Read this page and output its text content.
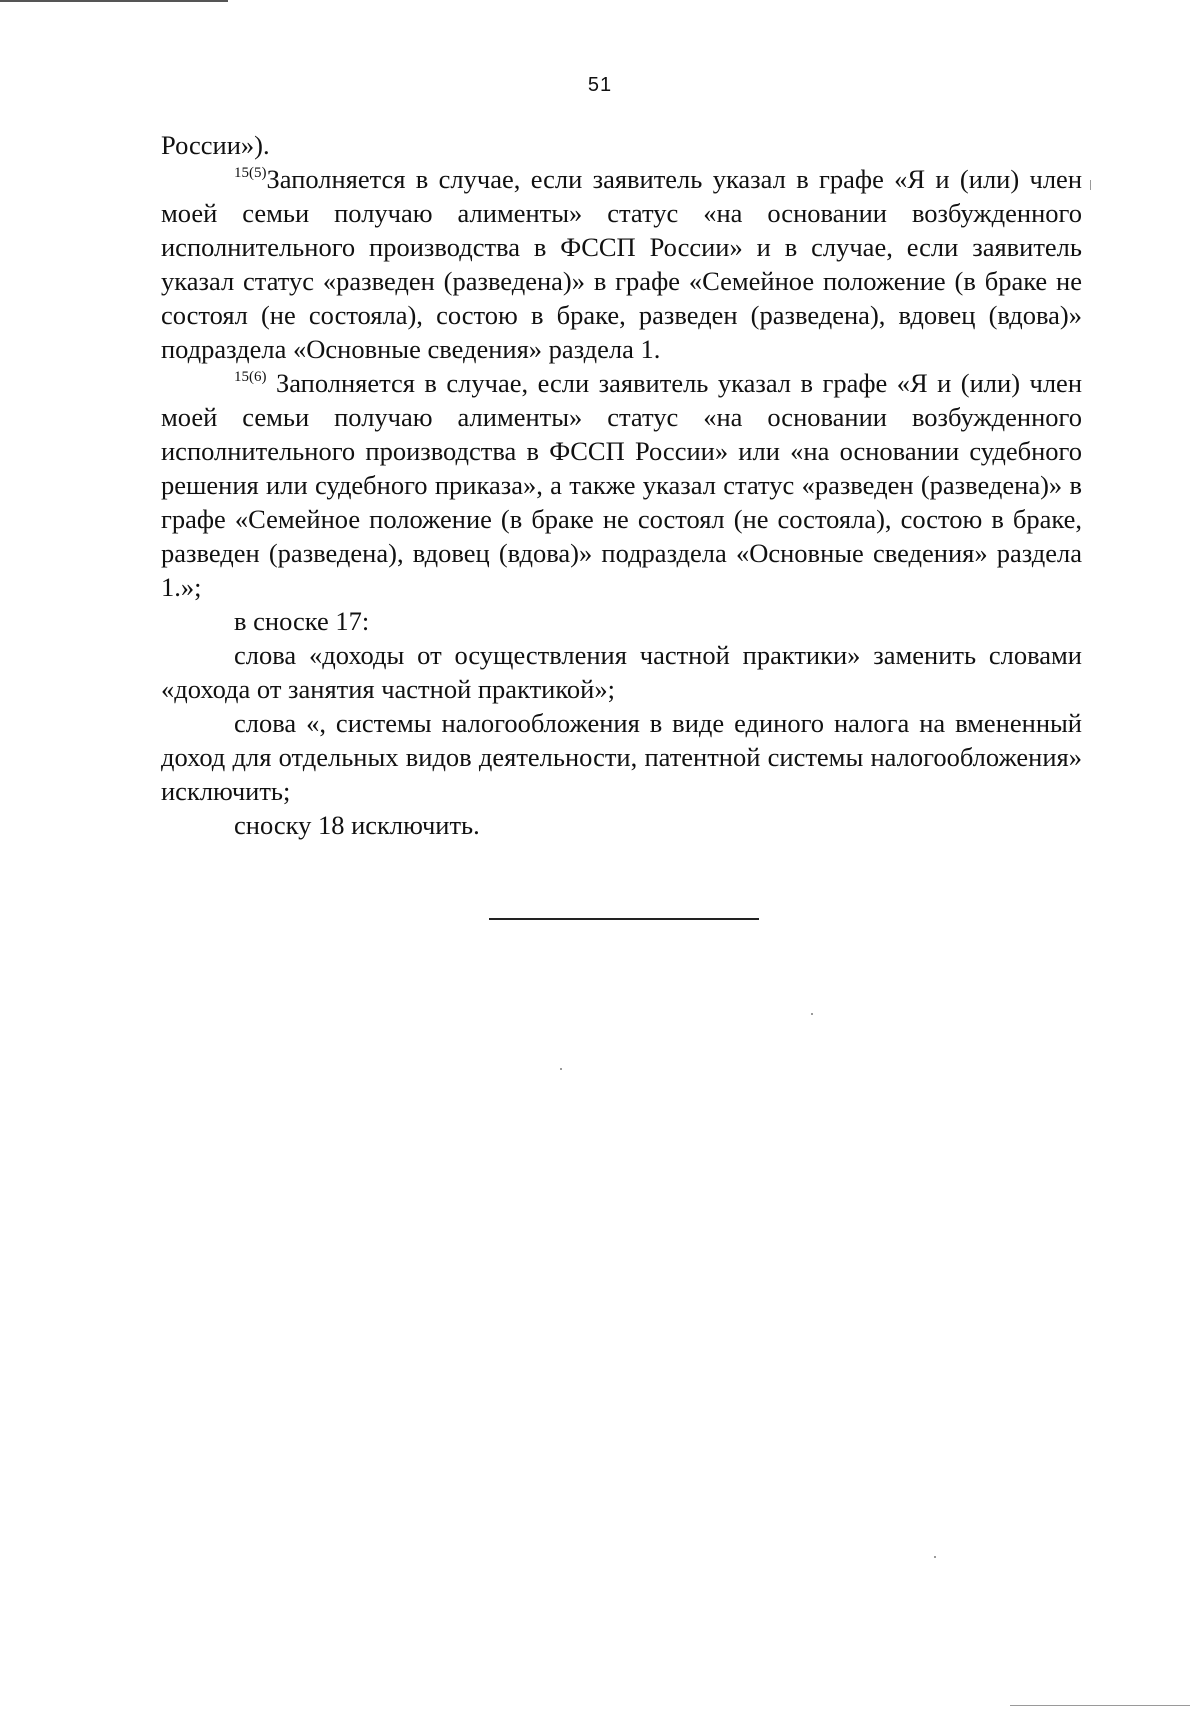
51

России»).

$^{15(5)}$Заполняется в случае, если заявитель указал в графе «Я и (или) член моей семьи получаю алименты» статус «на основании возбужденного исполнительного производства в ФССП России» и в случае, если заявитель указал статус «разведен (разведена)» в графе «Семейное положение (в браке не состоял (не состояла), состою в браке, разведен (разведена), вдовец (вдова)» подраздела «Основные сведения» раздела 1.

$^{15(6)}$ Заполняется в случае, если заявитель указал в графе «Я и (или) член моей семьи получаю алименты» статус «на основании возбужденного исполнительного производства в ФССП России» или «на основании судебного решения или судебного приказа», а также указал статус «разведен (разведена)» в графе «Семейное положение (в браке не состоял (не состояла), состою в браке, разведен (разведена), вдовец (вдова)» подраздела «Основные сведения» раздела 1.»;

в сноске 17:

слова «доходы от осуществления частной практики» заменить словами «дохода от занятия частной практикой»;

слова «, системы налогообложения в виде единого налога на вмененный доход для отдельных видов деятельности, патентной системы налогообложения» исключить;

сноску 18 исключить.
